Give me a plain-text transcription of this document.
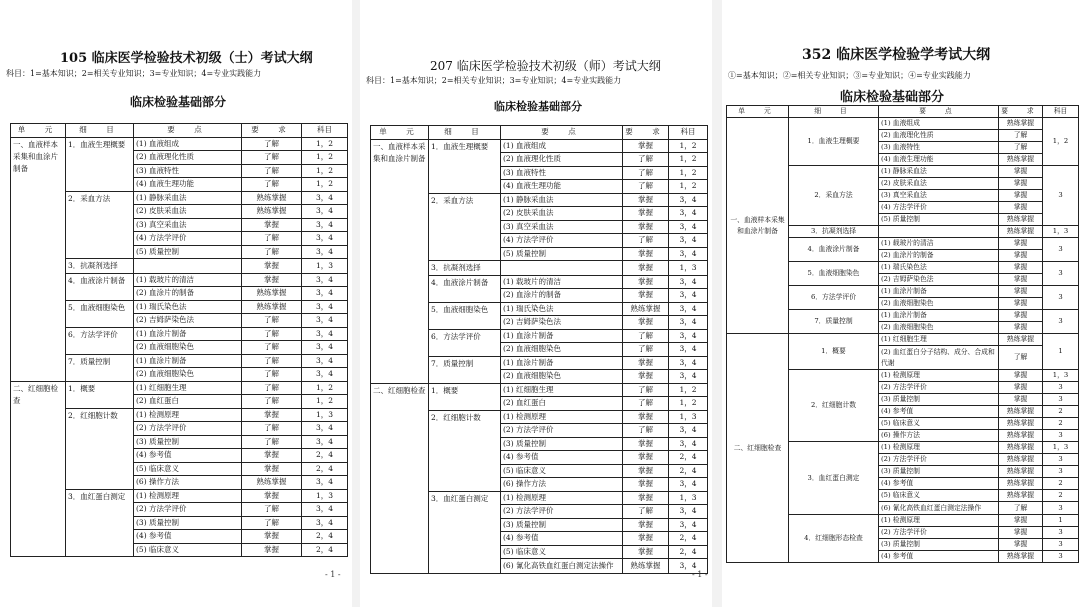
105 临床医学检验技术初级（士）考试大纲
科目：1=基本知识；2=相关专业知识；3=专业知识；4=专业实践能力
临床检验基础部分
单　元	细　目	要　点	要　求	科目
一、血液样本采集和血涂片制备	1．血液生理概要	(1) 血液组成	了解	1，2
		(2) 血液理化性质	了解	1，2
		(3) 血液特性	了解	1，2
		(4) 血液生理功能	了解	1，2
	2．采血方法	(1) 静脉采血法	熟练掌握	3，4
		(2) 皮肤采血法	熟练掌握	3，4
		(3) 真空采血法	掌握	3，4
		(4) 方法学评价	了解	3，4
		(5) 质量控制	了解	3，4
	3．抗凝剂选择		掌握	1，3
	4．血液涂片制备	(1) 载玻片的清洁	掌握	3，4
		(2) 血涂片的制备	熟练掌握	3，4
	5．血液细胞染色	(1) 瑞氏染色法	熟练掌握	3，4
		(2) 吉姆萨染色法	了解	3，4
	6．方法学评价	(1) 血涂片制备	了解	3，4
		(2) 血液细胞染色	了解	3，4
	7．质量控制	(1) 血涂片制备	了解	3，4
		(2) 血液细胞染色	了解	3，4
二、红细胞检查	1．概要	(1) 红细胞生理	了解	1，2
		(2) 血红蛋白	了解	1，2
	2．红细胞计数	(1) 检测原理	掌握	1，3
		(2) 方法学评价	了解	3，4
		(3) 质量控制	了解	3，4
		(4) 参考值	掌握	2，4
		(5) 临床意义	掌握	2，4
		(6) 操作方法	熟练掌握	3，4
	3．血红蛋白测定	(1) 检测原理	掌握	1，3
		(2) 方法学评价	了解	3，4
		(3) 质量控制	了解	3，4
		(4) 参考值	掌握	2，4
		(5) 临床意义	掌握	2，4
- 1 -
207 临床医学检验技术初级（师）考试大纲
科目：1=基本知识；2=相关专业知识；3=专业知识；4=专业实践能力
临床检验基础部分
单　元	细　目	要　点	要　求	科目
一、血液样本采集和血涂片制备	1．血液生理概要	(1) 血液组成	掌握	1，2
		(2) 血液理化性质	了解	1，2
		(3) 血液特性	了解	1，2
		(4) 血液生理功能	了解	1，2
	2．采血方法	(1) 静脉采血法	掌握	3，4
		(2) 皮肤采血法	掌握	3，4
		(3) 真空采血法	掌握	3，4
		(4) 方法学评价	了解	3，4
		(5) 质量控制	掌握	3，4
	3．抗凝剂选择		掌握	1，3
	4．血液涂片制备	(1) 载玻片的清洁	掌握	3，4
		(2) 血涂片的制备	掌握	3，4
	5．血液细胞染色	(1) 瑞氏染色法	熟练掌握	3，4
		(2) 吉姆萨染色法	掌握	3，4
	6．方法学评价	(1) 血涂片制备	了解	3，4
		(2) 血液细胞染色	了解	3，4
	7．质量控制	(1) 血涂片制备	掌握	3，4
		(2) 血液细胞染色	掌握	3，4
二、红细胞检查	1．概要	(1) 红细胞生理	了解	1，2
		(2) 血红蛋白	了解	1，2
	2．红细胞计数	(1) 检测原理	掌握	1，3
		(2) 方法学评价	了解	3，4
		(3) 质量控制	掌握	3，4
		(4) 参考值	掌握	2，4
		(5) 临床意义	掌握	2，4
		(6) 操作方法	掌握	3，4
	3．血红蛋白测定	(1) 检测原理	掌握	1，3
		(2) 方法学评价	了解	3，4
		(3) 质量控制	掌握	3，4
		(4) 参考值	掌握	2，4
		(5) 临床意义	掌握	2，4
		(6) 氰化高铁血红蛋白测定法操作	熟练掌握	3，4
- 1 -
352 临床医学检验学考试大纲
①=基本知识；②=相关专业知识；③=专业知识；④=专业实践能力
临床检验基础部分
单　元	细　目	要　点	要　求	科目
一、血液样本采集和血涂片制备	1．血液生理概要	(1) 血液组成	熟练掌握	1，2
		(2) 血液理化性质	了解	
		(3) 血液特性	了解	
		(4) 血液生理功能	熟练掌握	
	2．采血方法	(1) 静脉采血法	掌握	3
		(2) 皮肤采血法	掌握	
		(3) 真空采血法	掌握	
		(4) 方法学评价	掌握	
		(5) 质量控制	熟练掌握	
	3．抗凝剂选择		熟练掌握	1，3
	4．血液涂片制备	(1) 载玻片的清洁	掌握	3
		(2) 血涂片的制备	掌握	
	5．血液细胞染色	(1) 瑞氏染色法	掌握	3
		(2) 吉姆萨染色法	掌握	
	6．方法学评价	(1) 血涂片制备	掌握	3
		(2) 血液细胞染色	掌握	
	7．质量控制	(1) 血涂片制备	掌握	3
		(2) 血液细胞染色	掌握	
二、红细胞检查	1．概要	(1) 红细胞生理	熟练掌握	1
		(2) 血红蛋白分子结构、成分、合成和代谢	了解	
	2．红细胞计数	(1) 检测原理	掌握	1，3
		(2) 方法学评价	掌握	3
		(3) 质量控制	掌握	3
		(4) 参考值	熟练掌握	2
		(5) 临床意义	熟练掌握	2
		(6) 操作方法	熟练掌握	3
	3．血红蛋白测定	(1) 检测原理	熟练掌握	1，3
		(2) 方法学评价	熟练掌握	3
		(3) 质量控制	熟练掌握	3
		(4) 参考值	熟练掌握	2
		(5) 临床意义	熟练掌握	2
		(6) 氰化高铁血红蛋白测定法操作	了解	3
	4．红细胞形态检查	(1) 检测原理	掌握	1
		(2) 方法学评价	掌握	3
		(3) 质量控制	掌握	3
		(4) 参考值	熟练掌握	3
